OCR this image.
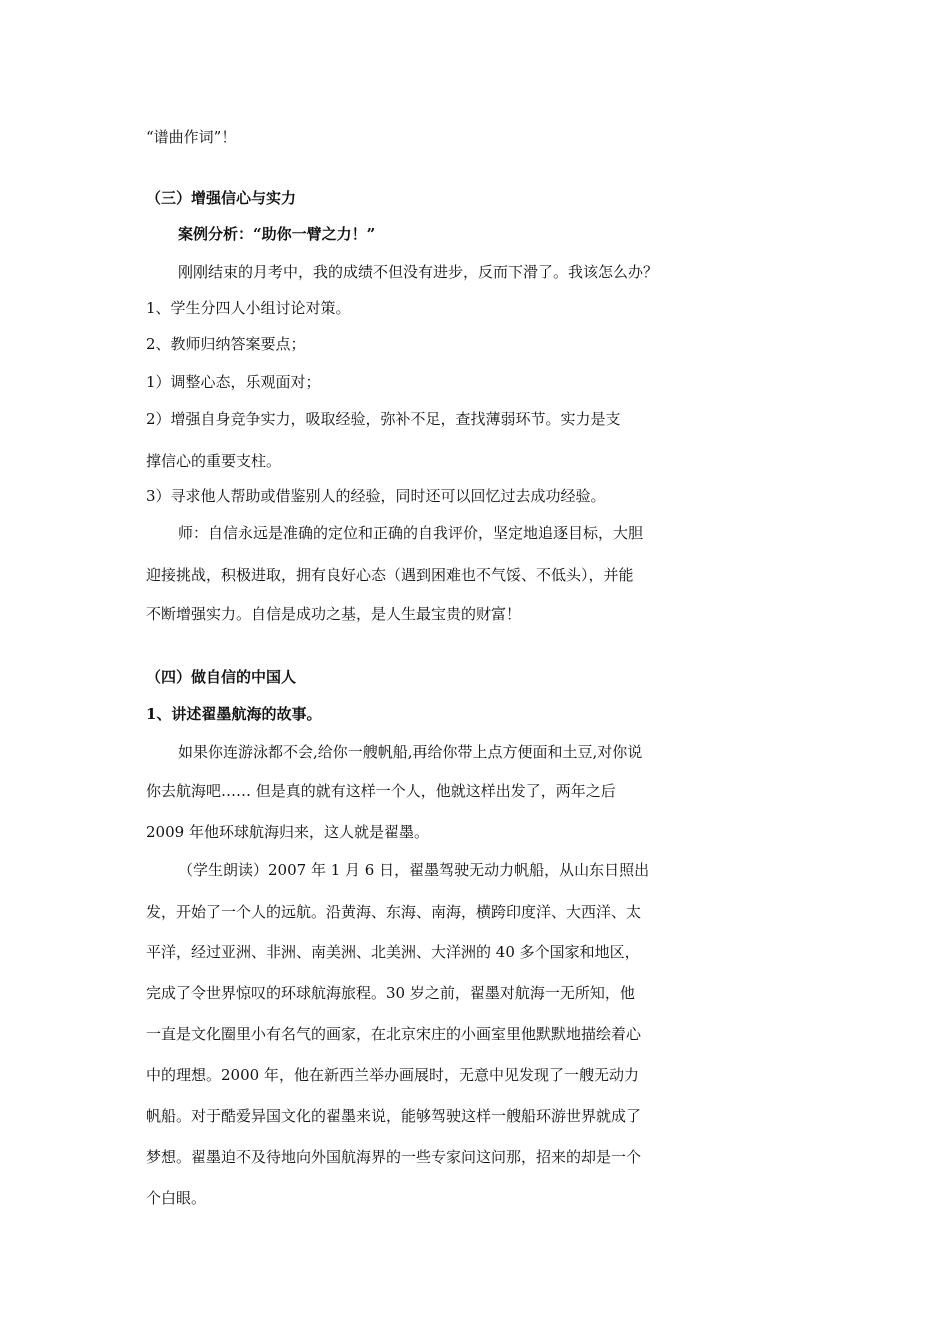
“谱曲作词”！
（三）增强信心与实力
案例分析：“助你一臂之力！”
刚刚结束的月考中，我的成绩不但没有进步，反而下滑了。我该怎么办？
1、学生分四人小组讨论对策。
2、教师归纳答案要点；
1）调整心态，乐观面对；
2）增强自身竞争实力，吸取经验，弥补不足，查找薄弱环节。实力是支
撑信心的重要支柱。
3）寻求他人帮助或借鉴别人的经验，同时还可以回忆过去成功经验。
师：自信永远是准确的定位和正确的自我评价，坚定地追逐目标，大胆
迎接挑战，积极进取，拥有良好心态（遇到困难也不气馁、不低头），并能
不断增强实力。自信是成功之基，是人生最宝贵的财富！
（四）做自信的中国人
1、讲述翟墨航海的故事。
如果你连游泳都不会,给你一艘帆船,再给你带上点方便面和土豆,对你说
你去航海吧…… 但是真的就有这样一个人，他就这样出发了，两年之后
2009 年他环球航海归来，这人就是翟墨。
（学生朗读）2007 年 1 月 6 日，翟墨驾驶无动力帆船，从山东日照出
发，开始了一个人的远航。沿黄海、东海、南海，横跨印度洋、大西洋、太
平洋，经过亚洲、非洲、南美洲、北美洲、大洋洲的 40 多个国家和地区，
完成了令世界惊叹的环球航海旅程。30 岁之前，翟墨对航海一无所知，他
一直是文化圈里小有名气的画家，在北京宋庄的小画室里他默默地描绘着心
中的理想。2000 年，他在新西兰举办画展时，无意中见发现了一艘无动力
帆船。对于酷爱异国文化的翟墨来说，能够驾驶这样一艘船环游世界就成了
梦想。翟墨迫不及待地向外国航海界的一些专家问这问那，招来的却是一个
个白眼。
